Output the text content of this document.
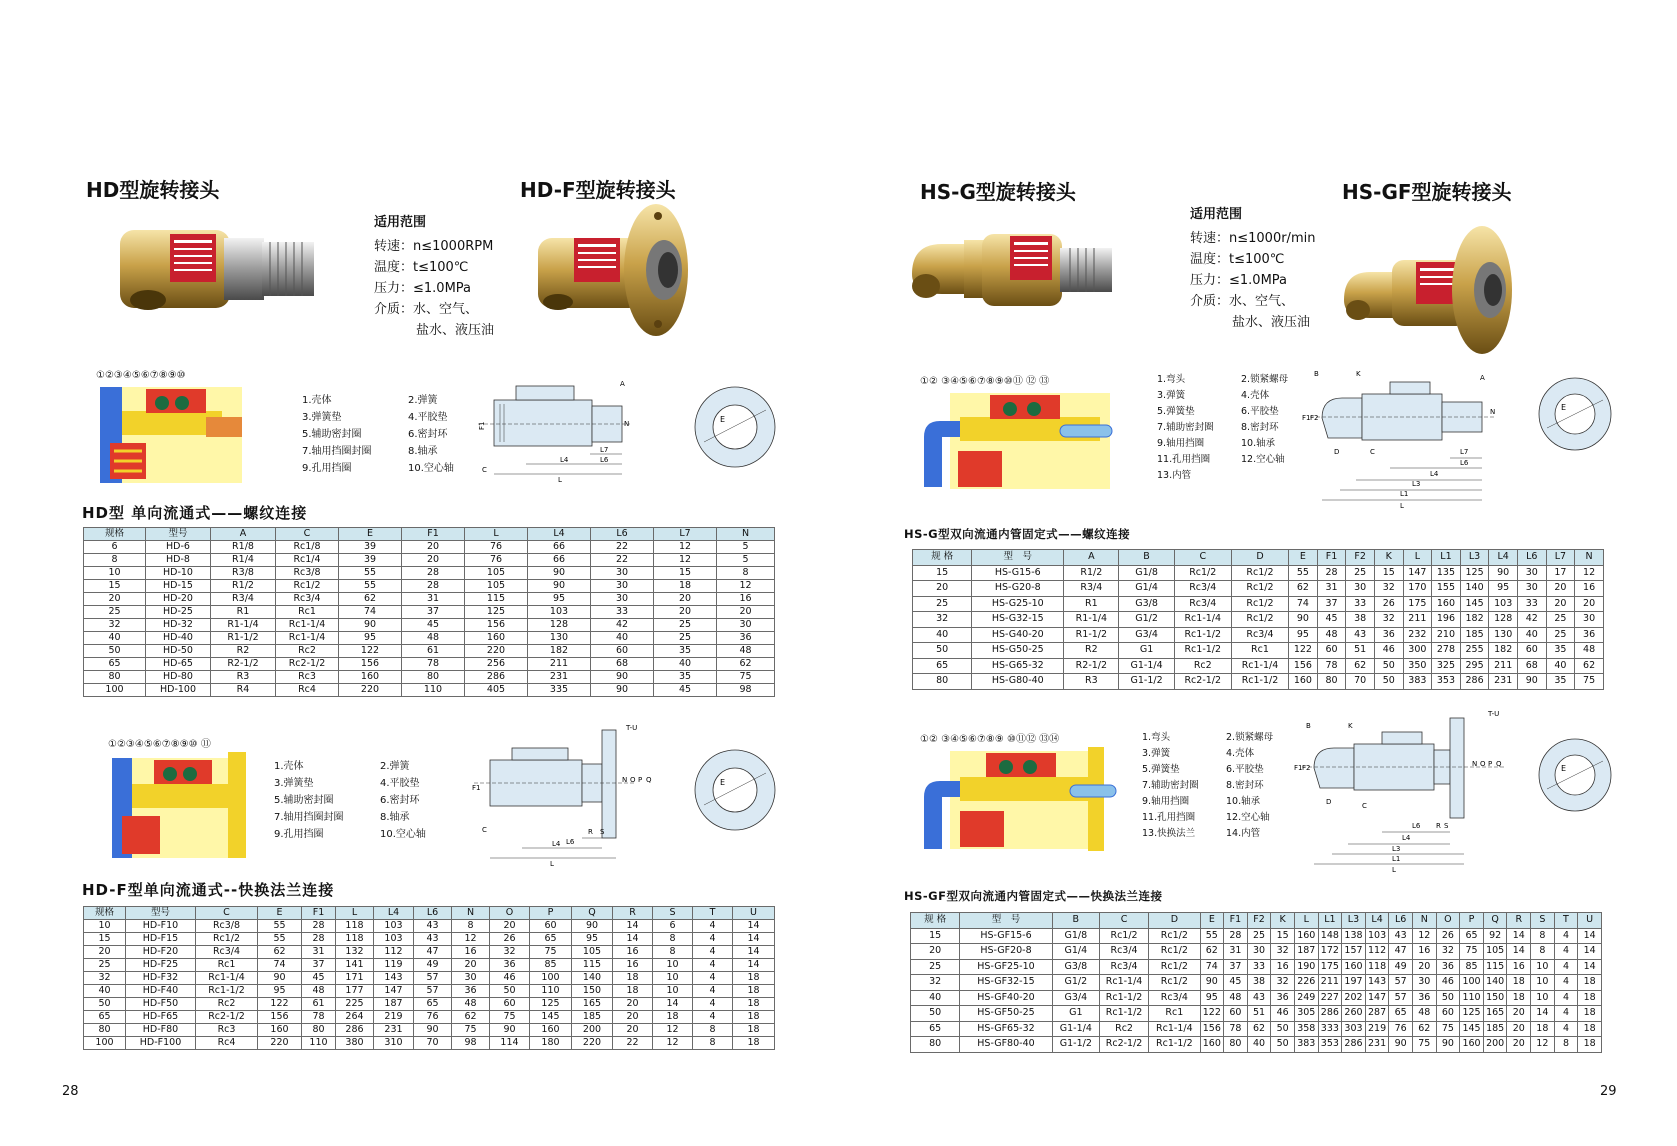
HD型旋转接头	HD-F型旋转接头
适用范围
转速：n≤1000RPM
温度：t≤100℃
压力：≤1.0MPa
介质：水、空气、
盐水、液压油
①②③④⑤⑥⑦⑧⑨⑩
1.壳体	2.弹簧
3.弹簧垫	4.平胶垫
5.辅助密封圈	6.密封环
7.轴用挡圈封圈	8.轴承
9.孔用挡圈	10.空心轴
A
N
F1
L7
L6
L4
L
C
E
HD型 单向流通式——螺纹连接
规格	型号	A	C	E	F1	L	L4	L6	L7	N
6	HD-6	R1/8	Rc1/8	39	20	76	66	22	12	5
8	HD-8	R1/4	Rc1/4	39	20	76	66	22	12	5
10	HD-10	R3/8	Rc3/8	55	28	105	90	30	15	8
15	HD-15	R1/2	Rc1/2	55	28	105	90	30	18	12
20	HD-20	R3/4	Rc3/4	62	31	115	95	30	20	16
25	HD-25	R1	Rc1	74	37	125	103	33	20	20
32	HD-32	R1-1/4	Rc1-1/4	90	45	156	128	42	25	30
40	HD-40	R1-1/2	Rc1-1/4	95	48	160	130	40	25	36
50	HD-50	R2	Rc2	122	61	220	182	60	35	48
65	HD-65	R2-1/2	Rc2-1/2	156	78	256	211	68	40	62
80	HD-80	R3	Rc3	160	80	286	231	90	35	75
100	HD-100	R4	Rc4	220	110	405	335	90	45	98
①②③④⑤⑥⑦⑧⑨⑩ ⑪
1.壳体	2.弹簧
3.弹簧垫	4.平胶垫
5.辅助密封圈	6.密封环
7.轴用挡圈封圈	8.轴承
9.孔用挡圈	10.空心轴
T-U
N O P Q
F1
C
L6
R S
L4
L
E
HD-F型单向流通式--快换法兰连接
规格	型号	C	E	F1	L	L4	L6	N	O	P	Q	R	S	T	U
10	HD-F10	Rc3/8	55	28	118	103	43	8	20	60	90	14	6	4	14
15	HD-F15	Rc1/2	55	28	118	103	43	12	26	65	95	14	8	4	14
20	HD-F20	Rc3/4	62	31	132	112	47	16	32	75	105	16	8	4	14
25	HD-F25	Rc1	74	37	141	119	49	20	36	85	115	16	10	4	14
32	HD-F32	Rc1-1/4	90	45	171	143	57	30	46	100	140	18	10	4	18
40	HD-F40	Rc1-1/2	95	48	177	147	57	36	50	110	150	18	10	4	18
50	HD-F50	Rc2	122	61	225	187	65	48	60	125	165	20	14	4	18
65	HD-F65	Rc2-1/2	156	78	264	219	76	62	75	145	185	20	18	4	18
80	HD-F80	Rc3	160	80	286	231	90	75	90	160	200	20	12	8	18
100	HD-F100	Rc4	220	110	380	310	70	98	114	180	220	22	12	8	18
28
HS-G型旋转接头	HS-GF型旋转接头
适用范围
转速：n≤1000r/min
温度：t≤100℃
压力：≤1.0MPa
介质：水、空气、
盐水、液压油
①② ③④⑤⑥⑦⑧⑨⑩⑪ ⑫ ⑬	1.弯头	2.锁紧螺母
3.弹簧	4.壳体
5.弹簧垫	6.平胶垫
7.辅助密封圈	8.密封环
9.轴用挡圈	10.轴承
11.孔用挡圈	12.空心轴
13.内管
B	K	A
N
F1 F2
D	C	L7
L6
L4
L3
L1
L
E
HS-G型双向流通内管固定式——螺纹连接
规 格	型　号	A	B	C	D	E	F1	F2	K	L	L1	L3	L4	L6	L7	N
15	HS-G15-6	R1/2	G1/8	Rc1/2	Rc1/2	55	28	25	15	147	135	125	90	30	17	12
20	HS-G20-8	R3/4	G1/4	Rc3/4	Rc1/2	62	31	30	32	170	155	140	95	30	20	16
25	HS-G25-10	R1	G3/8	Rc3/4	Rc1/2	74	37	33	26	175	160	145	103	33	20	20
32	HS-G32-15	R1-1/4	G1/2	Rc1-1/4	Rc1/2	90	45	38	32	211	196	182	128	42	25	30
40	HS-G40-20	R1-1/2	G3/4	Rc1-1/2	Rc3/4	95	48	43	36	232	210	185	130	40	25	36
50	HS-G50-25	R2	G1	Rc1-1/2	Rc1	122	60	51	46	300	278	255	182	60	35	48
65	HS-G65-32	R2-1/2	G1-1/4	Rc2	Rc1-1/4	156	78	62	50	350	325	295	211	68	40	62
80	HS-G80-40	R3	G1-1/2	Rc2-1/2	Rc1-1/2	160	80	70	50	383	353	286	231	90	35	75
①② ③④⑤⑥⑦⑧⑨ ⑩⑪⑫ ⑬⑭	1.弯头	2.锁紧螺母
3.弹簧	4.壳体
5.弹簧垫	6.平胶垫
7.辅助密封圈	8.密封环
9.轴用挡圈	10.轴承
11.孔用挡圈	12.空心轴
13.快换法兰	14.内管
T-U
B	K
F1 F2
D	C
N O P Q
R S
L6
L4
L3
L1
L
E
HS-GF型双向流通内管固定式——快换法兰连接
规 格	型　号	B	C	D	E	F1	F2	K	L	L1	L3	L4	L6	N	O	P	Q	R	S	T	U
15	HS-GF15-6	G1/8	Rc1/2	Rc1/2	55	28	25	15	160	148	138	103	43	12	26	65	92	14	8	4	14
20	HS-GF20-8	G1/4	Rc3/4	Rc1/2	62	31	30	32	187	172	157	112	47	16	32	75	105	14	8	4	14
25	HS-GF25-10	G3/8	Rc3/4	Rc1/2	74	37	33	16	190	175	160	118	49	20	36	85	115	16	10	4	14
32	HS-GF32-15	G1/2	Rc1-1/4	Rc1/2	90	45	38	32	226	211	197	143	57	30	46	100	140	18	10	4	18
40	HS-GF40-20	G3/4	Rc1-1/2	Rc3/4	95	48	43	36	249	227	202	147	57	36	50	110	150	18	10	4	18
50	HS-GF50-25	G1	Rc1-1/2	Rc1	122	60	51	46	305	286	260	287	65	48	60	125	165	20	14	4	18
65	HS-GF65-32	G1-1/4	Rc2	Rc1-1/4	156	78	62	50	358	333	303	219	76	62	75	145	185	20	18	4	18
80	HS-GF80-40	G1-1/2	Rc2-1/2	Rc1-1/2	160	80	40	50	383	353	286	231	90	75	90	160	200	20	12	8	18
29
